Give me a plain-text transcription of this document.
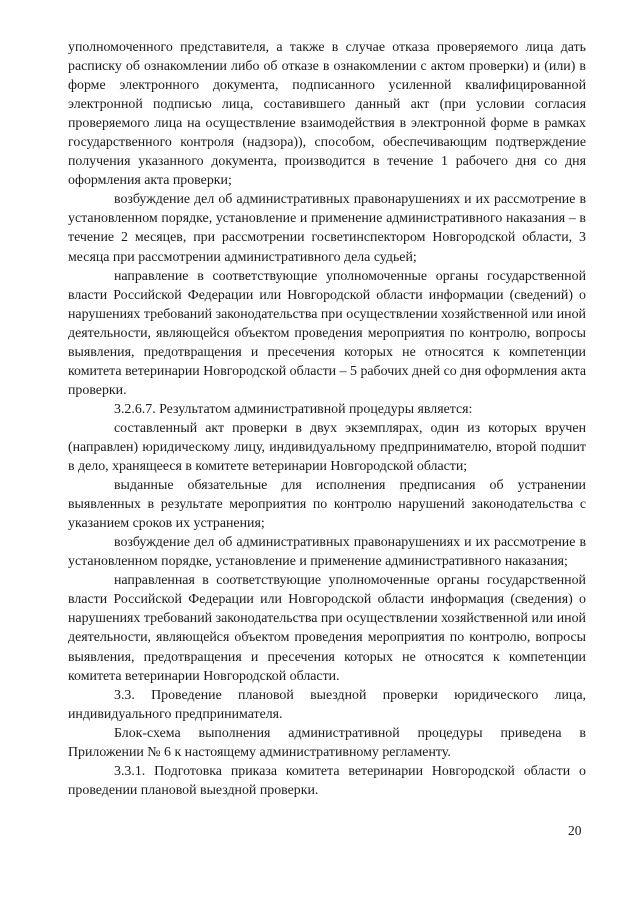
уполномоченного представителя, а также в случае отказа проверяемого лица дать расписку об ознакомлении либо об отказе в ознакомлении с актом проверки) и (или) в форме электронного документа, подписанного усиленной квалифицированной электронной подписью лица, составившего данный акт (при условии согласия проверяемого лица на осуществление взаимодействия в электронной форме в рамках государственного контроля (надзора)), способом, обеспечивающим подтверждение получения указанного документа, производится в течение 1 рабочего дня со дня оформления акта проверки;

возбуждение дел об административных правонарушениях и их рассмотрение в установленном порядке, установление и применение административного наказания – в течение 2 месяцев, при рассмотрении госветинспектором Новгородской области, 3 месяца при рассмотрении административного дела судьей;

направление в соответствующие уполномоченные органы государственной власти Российской Федерации или Новгородской области информации (сведений) о нарушениях требований законодательства при осуществлении хозяйственной или иной деятельности, являющейся объектом проведения мероприятия по контролю, вопросы выявления, предотвращения и пресечения которых не относятся к компетенции комитета ветеринарии Новгородской области – 5 рабочих дней со дня оформления акта проверки.

3.2.6.7. Результатом административной процедуры является:

составленный акт проверки в двух экземплярах, один из которых вручен (направлен) юридическому лицу, индивидуальному предпринимателю, второй подшит в дело, хранящееся в комитете ветеринарии Новгородской области;

выданные обязательные для исполнения предписания об устранении выявленных в результате мероприятия по контролю нарушений законодательства с указанием сроков их устранения;

возбуждение дел об административных правонарушениях и их рассмотрение в установленном порядке, установление и применение административного наказания;

направленная в соответствующие уполномоченные органы государственной власти Российской Федерации или Новгородской области информация (сведения) о нарушениях требований законодательства при осуществлении хозяйственной или иной деятельности, являющейся объектом проведения мероприятия по контролю, вопросы выявления, предотвращения и пресечения которых не относятся к компетенции комитета ветеринарии Новгородской области.

3.3. Проведение плановой выездной проверки юридического лица, индивидуального предпринимателя.

Блок-схема выполнения административной процедуры приведена в Приложении № 6 к настоящему административному регламенту.

3.3.1. Подготовка приказа комитета ветеринарии Новгородской области о проведении плановой выездной проверки.

20
